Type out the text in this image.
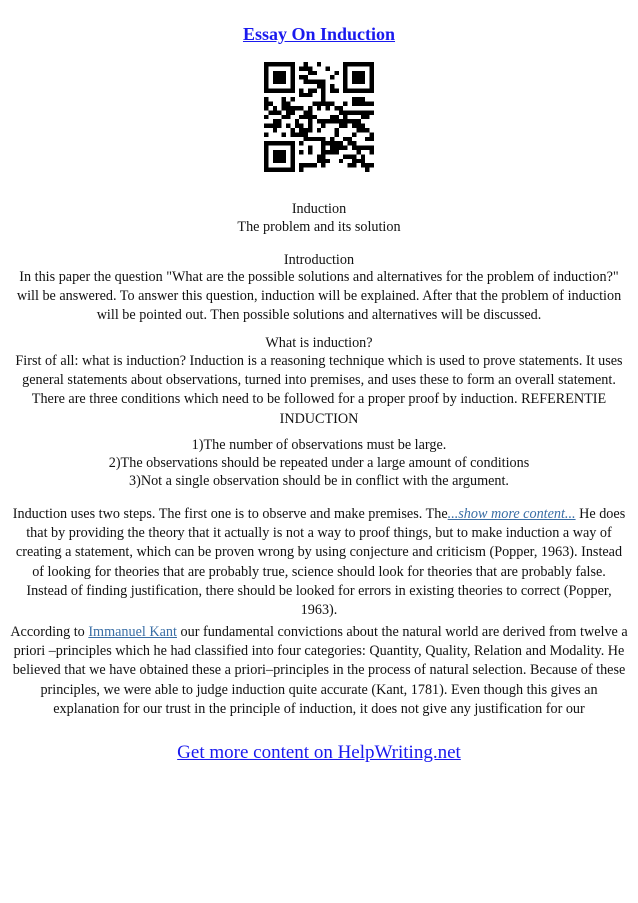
Essay On Induction
Induction
The problem and its solution
Introduction
In this paper the question "What are the possible solutions and alternatives for the problem of induction?" will be answered. To answer this question, induction will be explained. After that the problem of induction will be pointed out. Then possible solutions and alternatives will be discussed.
What is induction?
First of all: what is induction? Induction is a reasoning technique which is used to prove statements. It uses general statements about observations, turned into premises, and uses these to form an overall statement. There are three conditions which need to be followed for a proper proof by induction. REFERENTIE INDUCTION
1)The number of observations must be large.
2)The observations should be repeated under a large amount of conditions
3)Not a single observation should be in conflict with the argument.
Induction uses two steps. The first one is to observe and make premises. The...show more content... He does that by providing the theory that it actually is not a way to proof things, but to make induction a way of creating a statement, which can be proven wrong by using conjecture and criticism (Popper, 1963). Instead of looking for theories that are probably true, science should look for theories that are probably false. Instead of finding justification, there should be looked for errors in existing theories to correct (Popper, 1963).
According to Immanuel Kant our fundamental convictions about the natural world are derived from twelve a priori –principles which he had classified into four categories: Quantity, Quality, Relation and Modality. He believed that we have obtained these a priori–principles in the process of natural selection. Because of these principles, we were able to judge induction quite accurate (Kant, 1781). Even though this gives an explanation for our trust in the principle of induction, it does not give any justification for our
Get more content on HelpWriting.net
